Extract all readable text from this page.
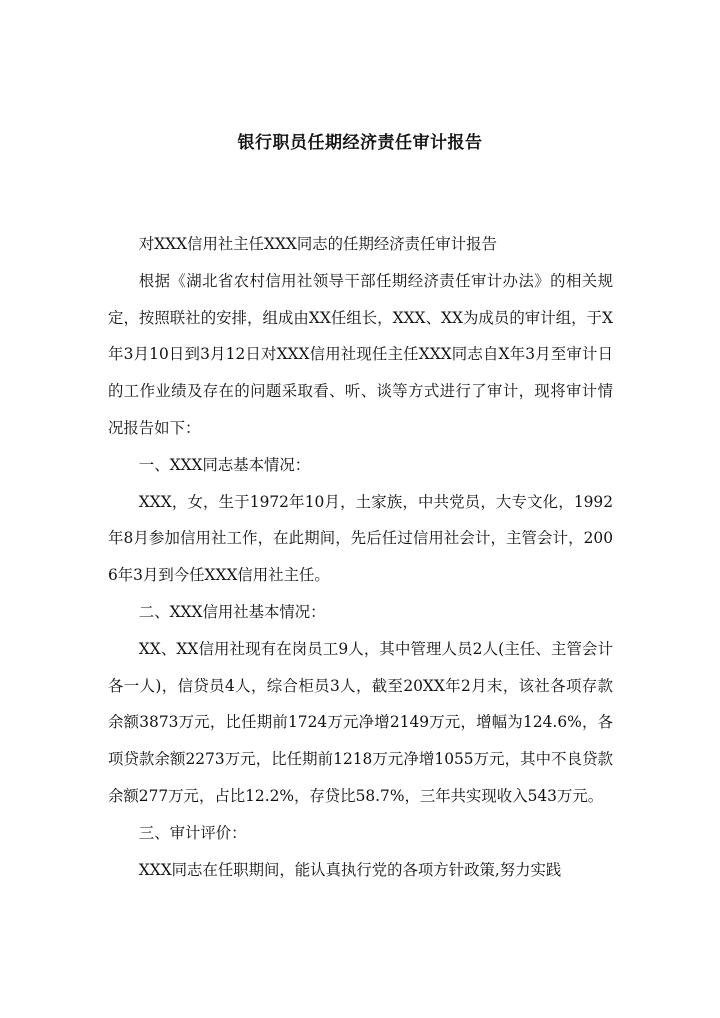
银行职员任期经济责任审计报告

对XXX信用社主任XXX同志的任期经济责任审计报告

根据《湖北省农村信用社领导干部任期经济责任审计办法》的相关规定，按照联社的安排，组成由XX任组长，XXX、XX为成员的审计组，于X年3月10日到3月12日对XXX信用社现任主任XXX同志自X年3月至审计日的工作业绩及存在的问题采取看、听、谈等方式进行了审计，现将审计情况报告如下：

一、XXX同志基本情况：

XXX，女，生于1972年10月，土家族，中共党员，大专文化，1992年8月参加信用社工作，在此期间，先后任过信用社会计，主管会计，2006年3月到今任XXX信用社主任。

二、XXX信用社基本情况：

XX、XX信用社现有在岗员工9人，其中管理人员2人(主任、主管会计各一人)，信贷员4人，综合柜员3人，截至20XX年2月末，该社各项存款余额3873万元，比任期前1724万元净增2149万元，增幅为124.6%，各项贷款余额2273万元，比任期前1218万元净增1055万元，其中不良贷款余额277万元，占比12.2%，存贷比58.7%，三年共实现收入543万元。

三、审计评价：

XXX同志在任职期间，能认真执行党的各项方针政策,努力实践
